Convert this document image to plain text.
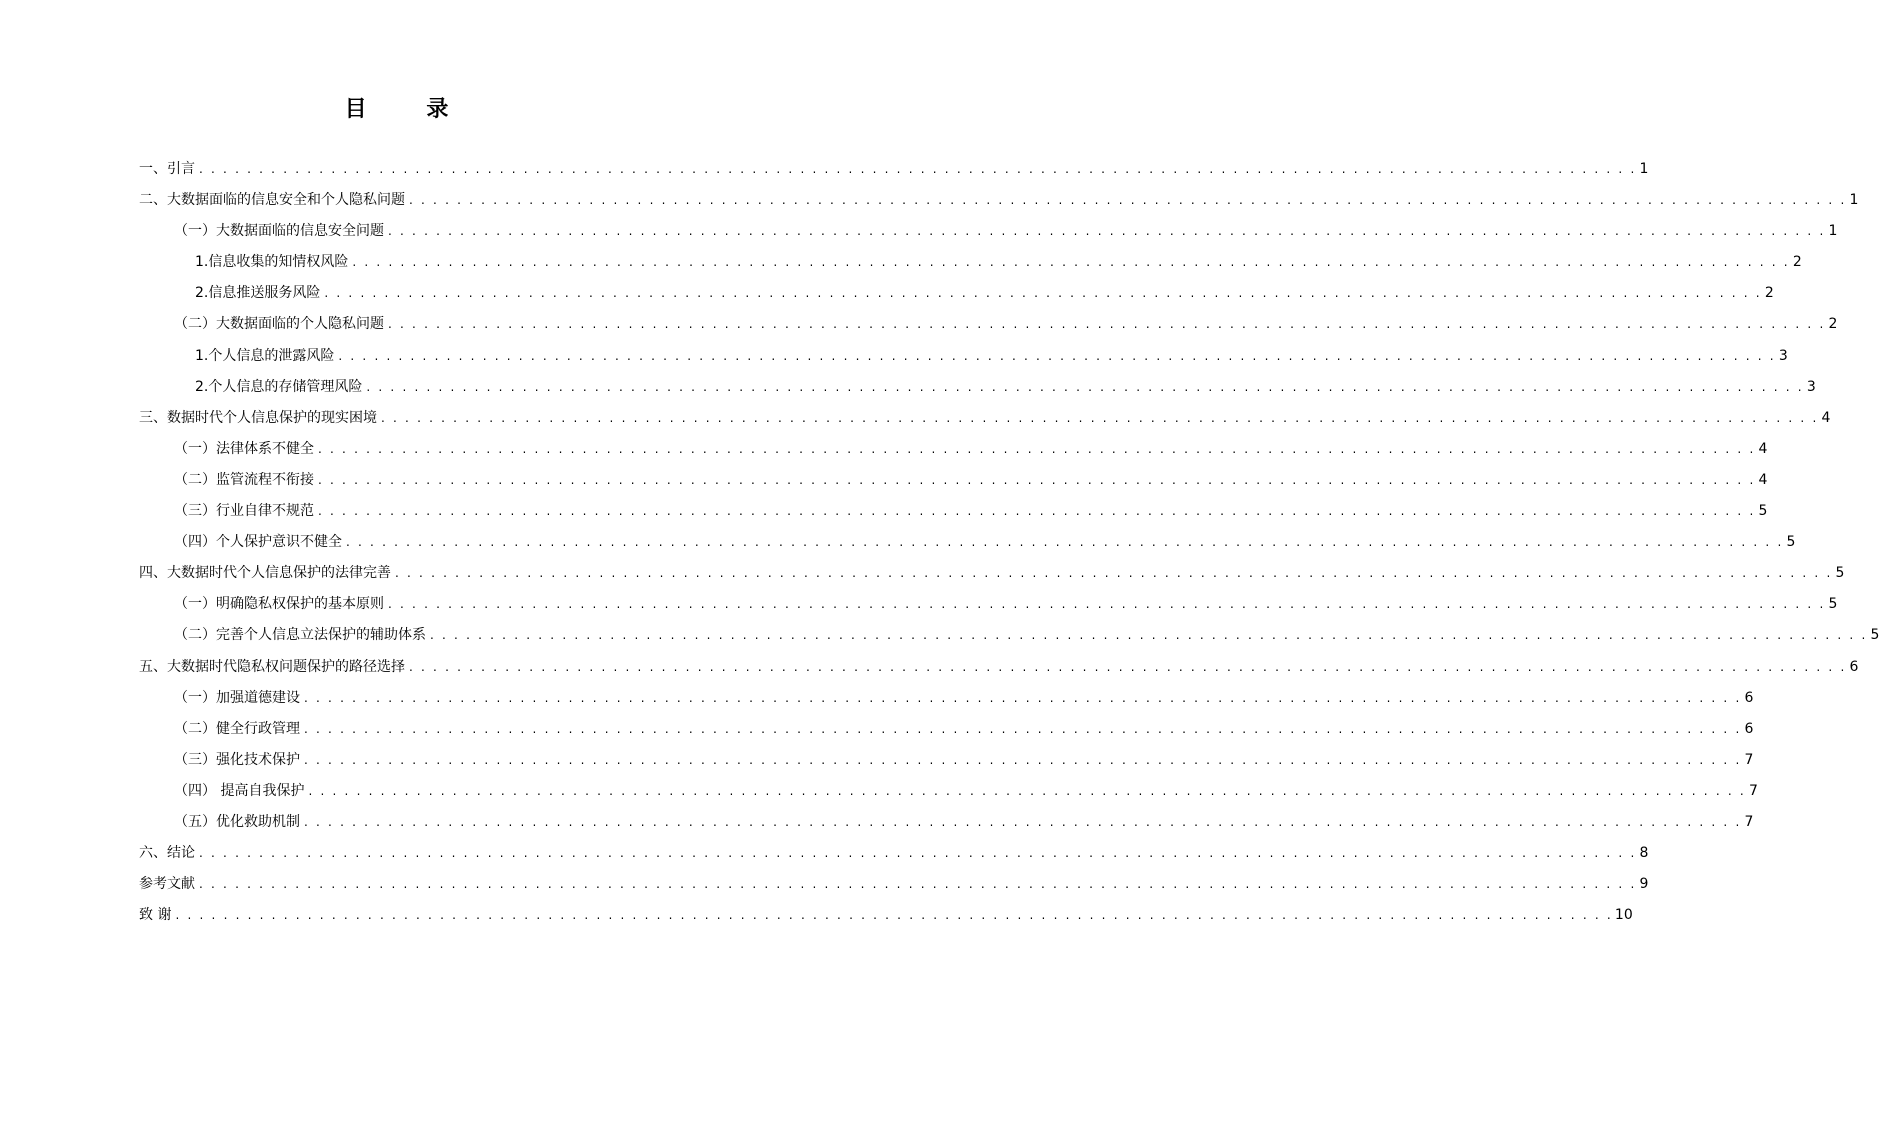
目 录
一、引言 . . . . . . . . . . . . . . . . . . . . . . . . . . . . . . . . . . . . . . . . . . . . . . . . . . . . . . . . . . . . . . . . . . . . . . . . . . . . . . . . . . . . . . . . . . . . . . . . . . . . . . . . . . . . . . . . . . . . . . . . 1
二、大数据面临的信息安全和个人隐私问题 . . . . . . . . . . . . . . . . . . . . . . . . . . . . . . . . . . . . . . . . . . . . . . . . . . . . . . . . . . . . . . . . . . . . . . . . . . . . . . . . . . . . . . . . . . . . . . . . . . . . . . . . . . . . . . . . . . . . . . . . 1
（一）大数据面临的信息安全问题 . . . . . . . . . . . . . . . . . . . . . . . . . . . . . . . . . . . . . . . . . . . . . . . . . . . . . . . . . . . . . . . . . . . . . . . . . . . . . . . . . . . . . . . . . . . . . . . . . . . . . . . . . . . . . . . . . . . . . . . . 1
1.信息收集的知情权风险 . . . . . . . . . . . . . . . . . . . . . . . . . . . . . . . . . . . . . . . . . . . . . . . . . . . . . . . . . . . . . . . . . . . . . . . . . . . . . . . . . . . . . . . . . . . . . . . . . . . . . . . . . . . . . . . . . . . . . . . . 2
2.信息推送服务风险 . . . . . . . . . . . . . . . . . . . . . . . . . . . . . . . . . . . . . . . . . . . . . . . . . . . . . . . . . . . . . . . . . . . . . . . . . . . . . . . . . . . . . . . . . . . . . . . . . . . . . . . . . . . . . . . . . . . . . . . . 2
（二）大数据面临的个人隐私问题 . . . . . . . . . . . . . . . . . . . . . . . . . . . . . . . . . . . . . . . . . . . . . . . . . . . . . . . . . . . . . . . . . . . . . . . . . . . . . . . . . . . . . . . . . . . . . . . . . . . . . . . . . . . . . . . . . . . . . . . . 2
1.个人信息的泄露风险 . . . . . . . . . . . . . . . . . . . . . . . . . . . . . . . . . . . . . . . . . . . . . . . . . . . . . . . . . . . . . . . . . . . . . . . . . . . . . . . . . . . . . . . . . . . . . . . . . . . . . . . . . . . . . . . . . . . . . . . . 3
2.个人信息的存储管理风险 . . . . . . . . . . . . . . . . . . . . . . . . . . . . . . . . . . . . . . . . . . . . . . . . . . . . . . . . . . . . . . . . . . . . . . . . . . . . . . . . . . . . . . . . . . . . . . . . . . . . . . . . . . . . . . . . . . . . . . . . 3
三、数据时代个人信息保护的现实困境 . . . . . . . . . . . . . . . . . . . . . . . . . . . . . . . . . . . . . . . . . . . . . . . . . . . . . . . . . . . . . . . . . . . . . . . . . . . . . . . . . . . . . . . . . . . . . . . . . . . . . . . . . . . . . . . . . . . . . . . . 4
（一）法律体系不健全 . . . . . . . . . . . . . . . . . . . . . . . . . . . . . . . . . . . . . . . . . . . . . . . . . . . . . . . . . . . . . . . . . . . . . . . . . . . . . . . . . . . . . . . . . . . . . . . . . . . . . . . . . . . . . . . . . . . . . . . . 4
（二）监管流程不衔接 . . . . . . . . . . . . . . . . . . . . . . . . . . . . . . . . . . . . . . . . . . . . . . . . . . . . . . . . . . . . . . . . . . . . . . . . . . . . . . . . . . . . . . . . . . . . . . . . . . . . . . . . . . . . . . . . . . . . . . . . 4
（三）行业自律不规范 . . . . . . . . . . . . . . . . . . . . . . . . . . . . . . . . . . . . . . . . . . . . . . . . . . . . . . . . . . . . . . . . . . . . . . . . . . . . . . . . . . . . . . . . . . . . . . . . . . . . . . . . . . . . . . . . . . . . . . . . 5
（四）个人保护意识不健全 . . . . . . . . . . . . . . . . . . . . . . . . . . . . . . . . . . . . . . . . . . . . . . . . . . . . . . . . . . . . . . . . . . . . . . . . . . . . . . . . . . . . . . . . . . . . . . . . . . . . . . . . . . . . . . . . . . . . . . . . 5
四、大数据时代个人信息保护的法律完善 . . . . . . . . . . . . . . . . . . . . . . . . . . . . . . . . . . . . . . . . . . . . . . . . . . . . . . . . . . . . . . . . . . . . . . . . . . . . . . . . . . . . . . . . . . . . . . . . . . . . . . . . . . . . . . . . . . . . . . . . 5
（一）明确隐私权保护的基本原则 . . . . . . . . . . . . . . . . . . . . . . . . . . . . . . . . . . . . . . . . . . . . . . . . . . . . . . . . . . . . . . . . . . . . . . . . . . . . . . . . . . . . . . . . . . . . . . . . . . . . . . . . . . . . . . . . . . . . . . . . 5
（二）完善个人信息立法保护的辅助体系 . . . . . . . . . . . . . . . . . . . . . . . . . . . . . . . . . . . . . . . . . . . . . . . . . . . . . . . . . . . . . . . . . . . . . . . . . . . . . . . . . . . . . . . . . . . . . . . . . . . . . . . . . . . . . . . . . . . . . . . . 5
五、大数据时代隐私权问题保护的路径选择 . . . . . . . . . . . . . . . . . . . . . . . . . . . . . . . . . . . . . . . . . . . . . . . . . . . . . . . . . . . . . . . . . . . . . . . . . . . . . . . . . . . . . . . . . . . . . . . . . . . . . . . . . . . . . . . . . . . . . . . . 6
（一）加强道德建设 . . . . . . . . . . . . . . . . . . . . . . . . . . . . . . . . . . . . . . . . . . . . . . . . . . . . . . . . . . . . . . . . . . . . . . . . . . . . . . . . . . . . . . . . . . . . . . . . . . . . . . . . . . . . . . . . . . . . . . . . 6
（二）健全行政管理 . . . . . . . . . . . . . . . . . . . . . . . . . . . . . . . . . . . . . . . . . . . . . . . . . . . . . . . . . . . . . . . . . . . . . . . . . . . . . . . . . . . . . . . . . . . . . . . . . . . . . . . . . . . . . . . . . . . . . . . . 6
（三）强化技术保护 . . . . . . . . . . . . . . . . . . . . . . . . . . . . . . . . . . . . . . . . . . . . . . . . . . . . . . . . . . . . . . . . . . . . . . . . . . . . . . . . . . . . . . . . . . . . . . . . . . . . . . . . . . . . . . . . . . . . . . . . 7
（四） 提高自我保护 . . . . . . . . . . . . . . . . . . . . . . . . . . . . . . . . . . . . . . . . . . . . . . . . . . . . . . . . . . . . . . . . . . . . . . . . . . . . . . . . . . . . . . . . . . . . . . . . . . . . . . . . . . . . . . . . . . . . . . . . 7
（五）优化救助机制 . . . . . . . . . . . . . . . . . . . . . . . . . . . . . . . . . . . . . . . . . . . . . . . . . . . . . . . . . . . . . . . . . . . . . . . . . . . . . . . . . . . . . . . . . . . . . . . . . . . . . . . . . . . . . . . . . . . . . . . . 7
六、结论 . . . . . . . . . . . . . . . . . . . . . . . . . . . . . . . . . . . . . . . . . . . . . . . . . . . . . . . . . . . . . . . . . . . . . . . . . . . . . . . . . . . . . . . . . . . . . . . . . . . . . . . . . . . . . . . . . . . . . . . . 8
参考文献 . . . . . . . . . . . . . . . . . . . . . . . . . . . . . . . . . . . . . . . . . . . . . . . . . . . . . . . . . . . . . . . . . . . . . . . . . . . . . . . . . . . . . . . . . . . . . . . . . . . . . . . . . . . . . . . . . . . . . . . . 9
致 谢 . . . . . . . . . . . . . . . . . . . . . . . . . . . . . . . . . . . . . . . . . . . . . . . . . . . . . . . . . . . . . . . . . . . . . . . . . . . . . . . . . . . . . . . . . . . . . . . . . . . . . . . . . . . . . . . . . . . . . . . . 10
